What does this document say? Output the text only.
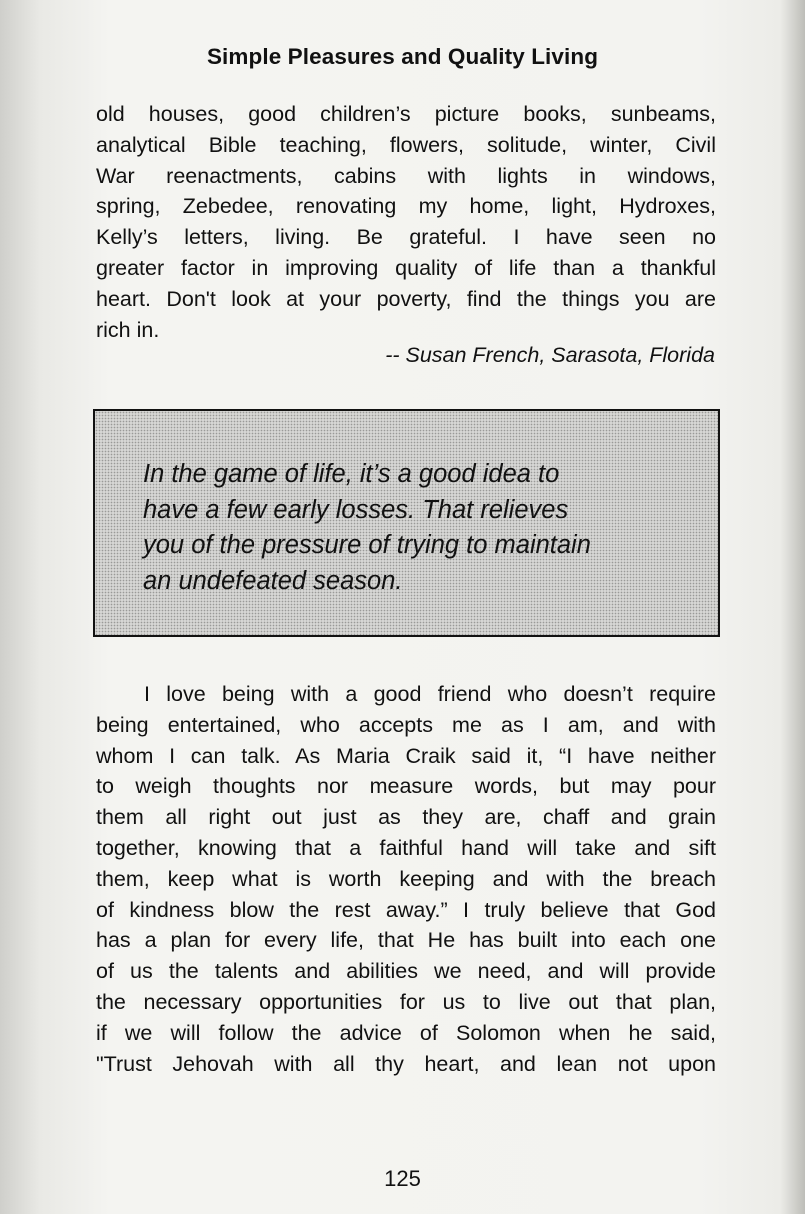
Simple Pleasures and Quality Living
old houses, good children’s picture books, sunbeams,
analytical Bible teaching, flowers, solitude, winter, Civil
War reenactments, cabins with lights in windows,
spring, Zebedee, renovating my home, light, Hydroxes,
Kelly’s letters, living. Be grateful. I have seen no
greater factor in improving quality of life than a thankful
heart. Don't look at your poverty, find the things you are
rich in.
-- Susan French, Sarasota, Florida
In the game of life, it’s a good idea to
have a few early losses. That relieves
you of the pressure of trying to maintain
an undefeated season.
I love being with a good friend who doesn’t require
being entertained, who accepts me as I am, and with
whom I can talk. As Maria Craik said it, “I have neither
to weigh thoughts nor measure words, but may pour
them all right out just as they are, chaff and grain
together, knowing that a faithful hand will take and sift
them, keep what is worth keeping and with the breach
of kindness blow the rest away.” I truly believe that God
has a plan for every life, that He has built into each one
of us the talents and abilities we need, and will provide
the necessary opportunities for us to live out that plan,
if we will follow the advice of Solomon when he said,
"Trust Jehovah with all thy heart, and lean not upon
125
